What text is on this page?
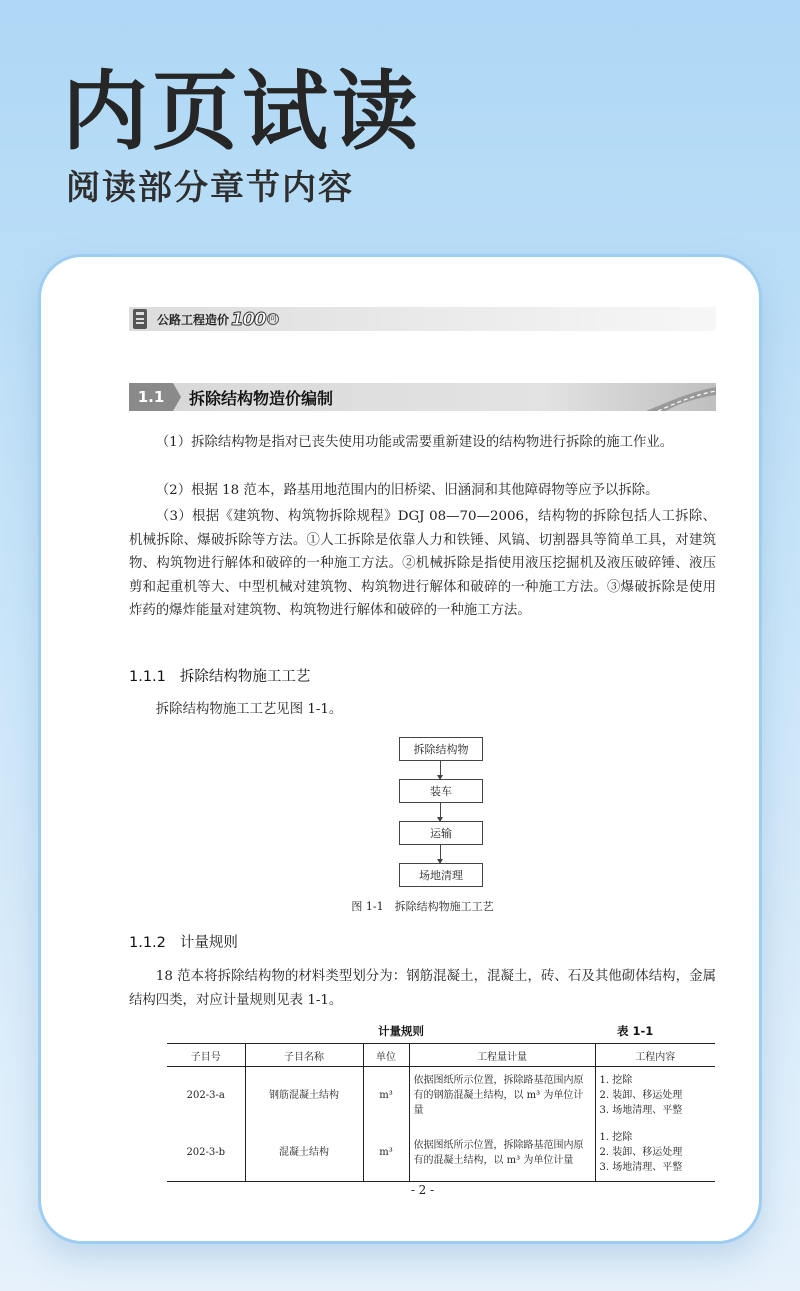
内页试读
阅读部分章节内容
公路工程造价 100 问
1.1	拆除结构物造价编制
（1）拆除结构物是指对已丧失使用功能或需要重新建设的结构物进行拆除的施工作业。
（2）根据 18 范本，路基用地范围内的旧桥梁、旧涵洞和其他障碍物等应予以拆除。
（3）根据《建筑物、构筑物拆除规程》DGJ 08—70—2006，结构物的拆除包括人工拆除、机械拆除、爆破拆除等方法。①人工拆除是依靠人力和铁锤、风镐、切割器具等简单工具，对建筑物、构筑物进行解体和破碎的一种施工方法。②机械拆除是指使用液压挖掘机及液压破碎锤、液压剪和起重机等大、中型机械对建筑物、构筑物进行解体和破碎的一种施工方法。③爆破拆除是使用炸药的爆炸能量对建筑物、构筑物进行解体和破碎的一种施工方法。
1.1.1 拆除结构物施工工艺
拆除结构物施工工艺见图 1-1。
拆除结构物
装车
运输
场地清理
图 1-1　拆除结构物施工工艺
1.1.2 计量规则
18 范本将拆除结构物的材料类型划分为：钢筋混凝土，混凝土，砖、石及其他砌体结构，金属结构四类，对应计量规则见表 1-1。
计量规则	表 1-1
子目号	子目名称	单位	工程量计量	工程内容
202-3-a	钢筋混凝土结构	m³	依据图纸所示位置，拆除路基范围内原有的钢筋混凝土结构，以 m³ 为单位计量	1. 挖除
2. 装卸、移运处理
3. 场地清理、平整

202-3-b	混凝土结构	m³	依据图纸所示位置，拆除路基范围内原有的混凝土结构，以 m³ 为单位计量	1. 挖除
2. 装卸、移运处理
3. 场地清理、平整
- 2 -
